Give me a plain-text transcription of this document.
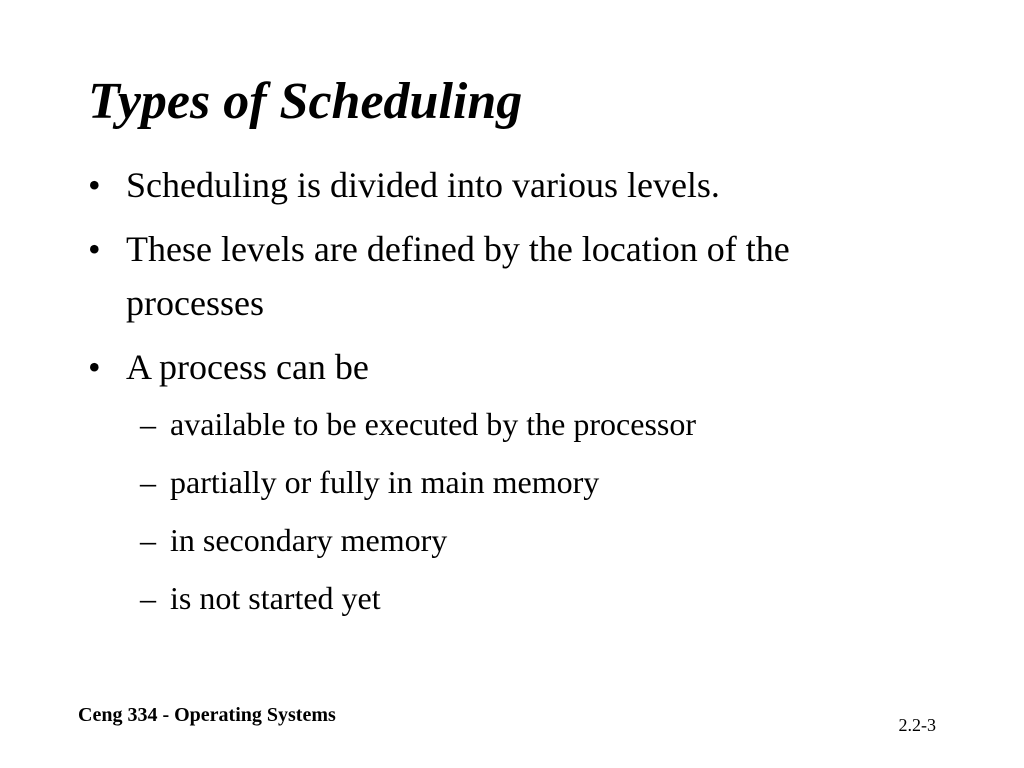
Types of Scheduling
• Scheduling is divided into various levels.
• These levels are defined by the location of the processes
• A process can be
– available to be executed by the processor
– partially or fully in main memory
– in secondary memory
– is not started yet
Ceng 334 - Operating Systems	2.2-3
